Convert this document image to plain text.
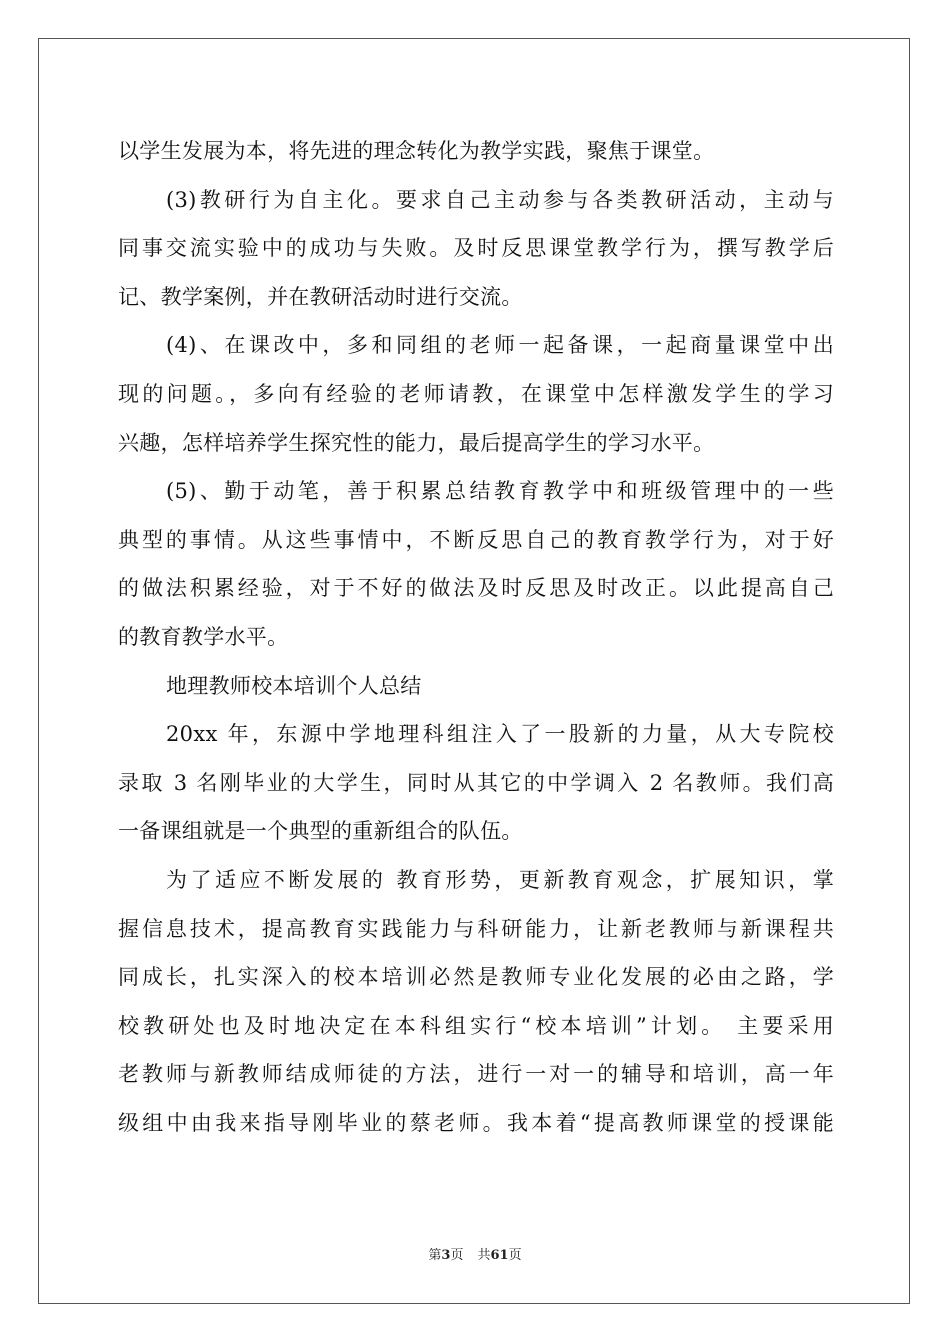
以学生发展为本，将先进的理念转化为教学实践，聚焦于课堂。
(3)教研行为自主化。要求自己主动参与各类教研活动，主动与
同事交流实验中的成功与失败。及时反思课堂教学行为，撰写教学后
记、教学案例，并在教研活动时进行交流。
(4)、在课改中，多和同组的老师一起备课，一起商量课堂中出
现的问题。，多向有经验的老师请教，在课堂中怎样激发学生的学习
兴趣，怎样培养学生探究性的能力，最后提高学生的学习水平。
(5)、勤于动笔，善于积累总结教育教学中和班级管理中的一些
典型的事情。从这些事情中，不断反思自己的教育教学行为，对于好
的做法积累经验，对于不好的做法及时反思及时改正。以此提高自己
的教育教学水平。
地理教师校本培训个人总结
20xx 年，东源中学地理科组注入了一股新的力量，从大专院校
录取 3 名刚毕业的大学生，同时从其它的中学调入 2 名教师。我们高
一备课组就是一个典型的重新组合的队伍。
为了适应不断发展的 教育形势，更新教育观念，扩展知识，掌
握信息技术，提高教育实践能力与科研能力，让新老教师与新课程共
同成长，扎实深入的校本培训必然是教师专业化发展的必由之路，学
校教研处也及时地决定在本科组实行“校本培训”计划。 主要采用
老教师与新教师结成师徒的方法，进行一对一的辅导和培训，高一年
级组中由我来指导刚毕业的蔡老师。我本着“提高教师课堂的授课能
第3页 共61页
